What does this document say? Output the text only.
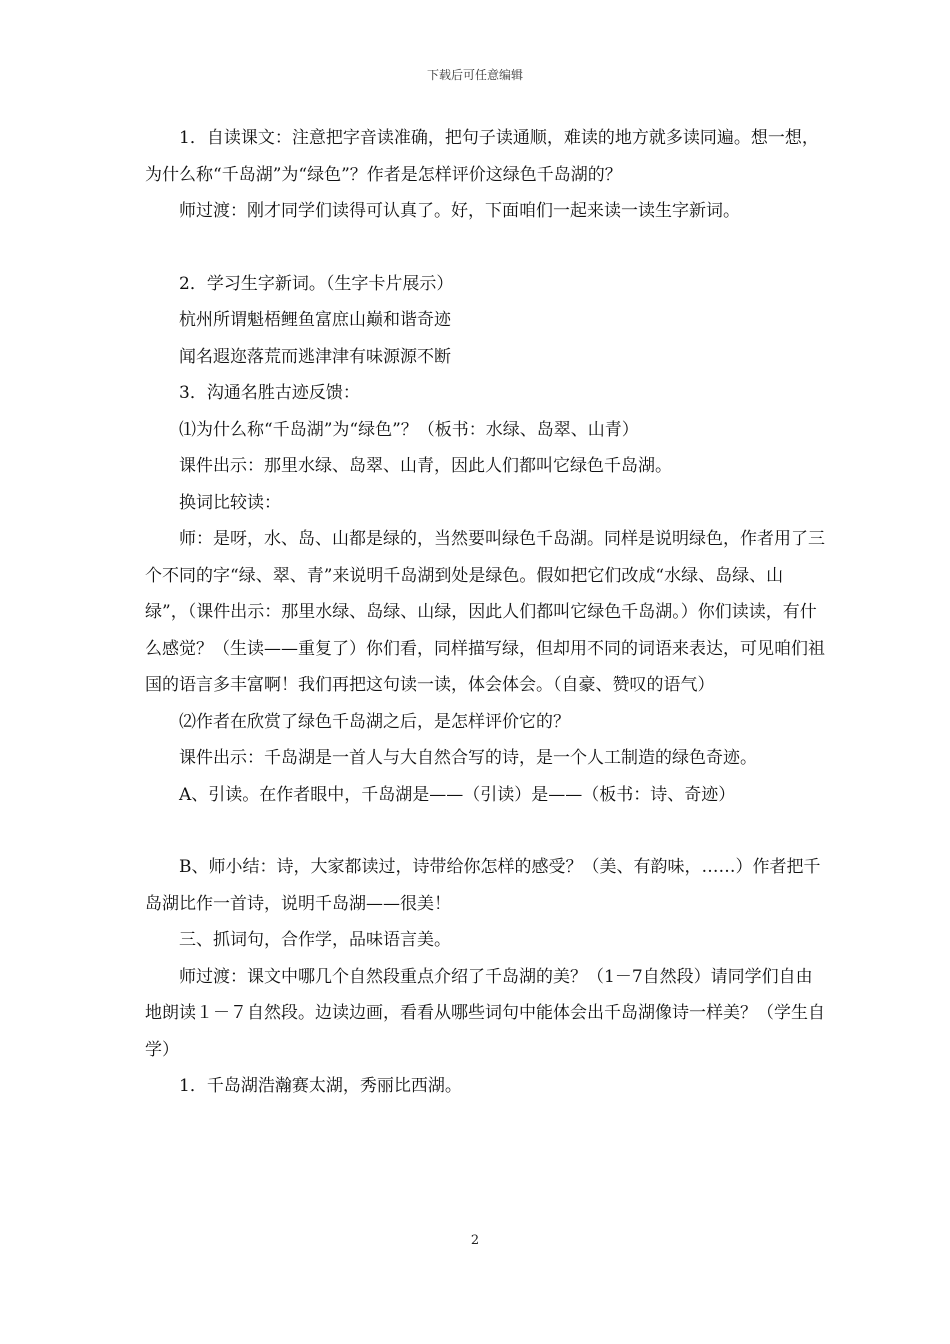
下载后可任意编辑

1．自读课文：注意把字音读准确，把句子读通顺，难读的地方就多读同遍。想一想，为什么称“千岛湖”为“绿色”？作者是怎样评价这绿色千岛湖的？

师过渡：刚才同学们读得可认真了。好，下面咱们一起来读一读生字新词。

2．学习生字新词。（生字卡片展示）

杭州所谓魁梧鲤鱼富庶山巅和谐奇迹

闻名遐迩落荒而逃津津有味源源不断

3．沟通名胜古迹反馈：

⑴为什么称“千岛湖”为“绿色”？（板书：水绿、岛翠、山青）

课件出示：那里水绿、岛翠、山青，因此人们都叫它绿色千岛湖。

换词比较读：

师：是呀，水、岛、山都是绿的，当然要叫绿色千岛湖。同样是说明绿色，作者用了三个不同的字“绿、翠、青”来说明千岛湖到处是绿色。假如把它们改成“水绿、岛绿、山绿”，（课件出示：那里水绿、岛绿、山绿，因此人们都叫它绿色千岛湖。）你们读读，有什么感觉？（生读——重复了）你们看，同样描写绿，但却用不同的词语来表达，可见咱们祖国的语言多丰富啊！我们再把这句读一读，体会体会。（自豪、赞叹的语气）

⑵作者在欣赏了绿色千岛湖之后，是怎样评价它的？

课件出示：千岛湖是一首人与大自然合写的诗，是一个人工制造的绿色奇迹。

A、引读。在作者眼中，千岛湖是——（引读）是——（板书：诗、奇迹）

B、师小结：诗，大家都读过，诗带给你怎样的感受？（美、有韵味，……）作者把千岛湖比作一首诗，说明千岛湖——很美！

三、抓词句，合作学，品味语言美。

师过渡：课文中哪几个自然段重点介绍了千岛湖的美？（1－7自然段）请同学们自由地朗读１－７自然段。边读边画，看看从哪些词句中能体会出千岛湖像诗一样美？（学生自学）

1．千岛湖浩瀚赛太湖，秀丽比西湖。

2
